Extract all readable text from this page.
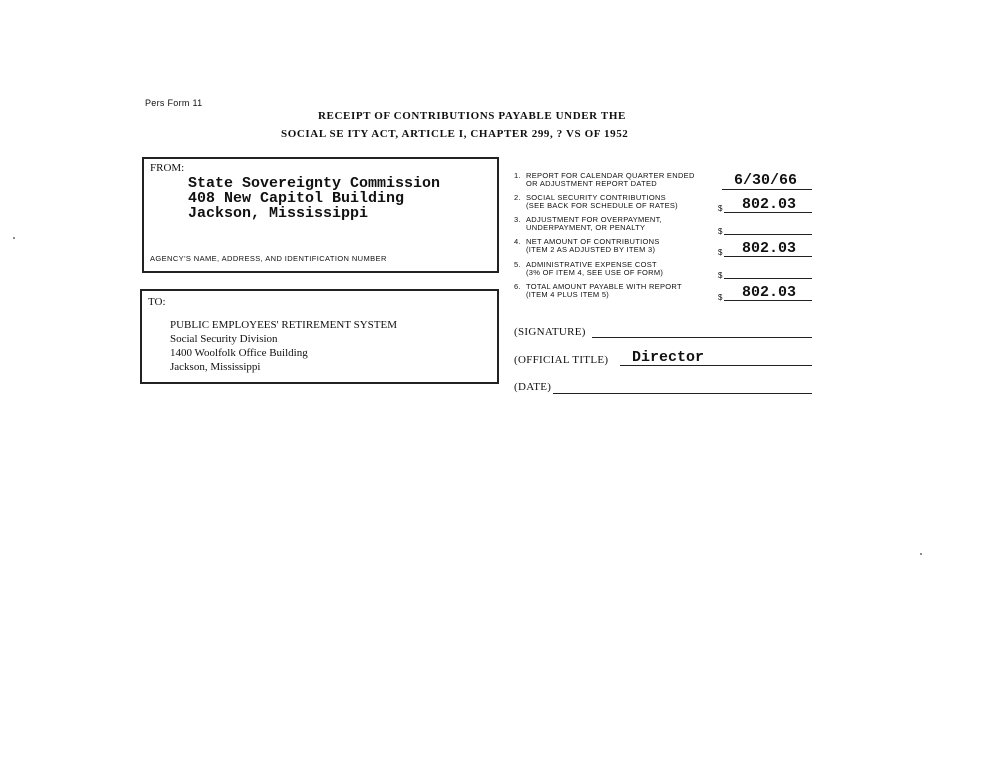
Pers Form 11
RECEIPT OF CONTRIBUTIONS PAYABLE UNDER THE
SOCIAL SE ITY ACT, ARTICLE I, CHAPTER 299, ? VS OF 1952
FROM:
State Sovereignty Commission
408 New Capitol Building
Jackson, Mississippi
AGENCY'S NAME, ADDRESS, AND IDENTIFICATION NUMBER
TO:
PUBLIC EMPLOYEES' RETIREMENT SYSTEM
Social Security Division
1400 Woolfolk Office Building
Jackson, Mississippi
1. REPORT FOR CALENDAR QUARTER ENDED
OR ADJUSTMENT REPORT DATED	6/30/66
2. SOCIAL SECURITY CONTRIBUTIONS
(SEE BACK FOR SCHEDULE OF RATES)	$ 802.03
3. ADJUSTMENT FOR OVERPAYMENT,
UNDERPAYMENT, OR PENALTY	$
4. NET AMOUNT OF CONTRIBUTIONS
(ITEM 2 AS ADJUSTED BY ITEM 3)	$ 802.03
5. ADMINISTRATIVE EXPENSE COST
(3% OF ITEM 4, SEE USE OF FORM)	$
6. TOTAL AMOUNT PAYABLE WITH REPORT
(ITEM 4 PLUS ITEM 5)	$ 802.03
(SIGNATURE)
(OFFICIAL TITLE) Director
(DATE)
